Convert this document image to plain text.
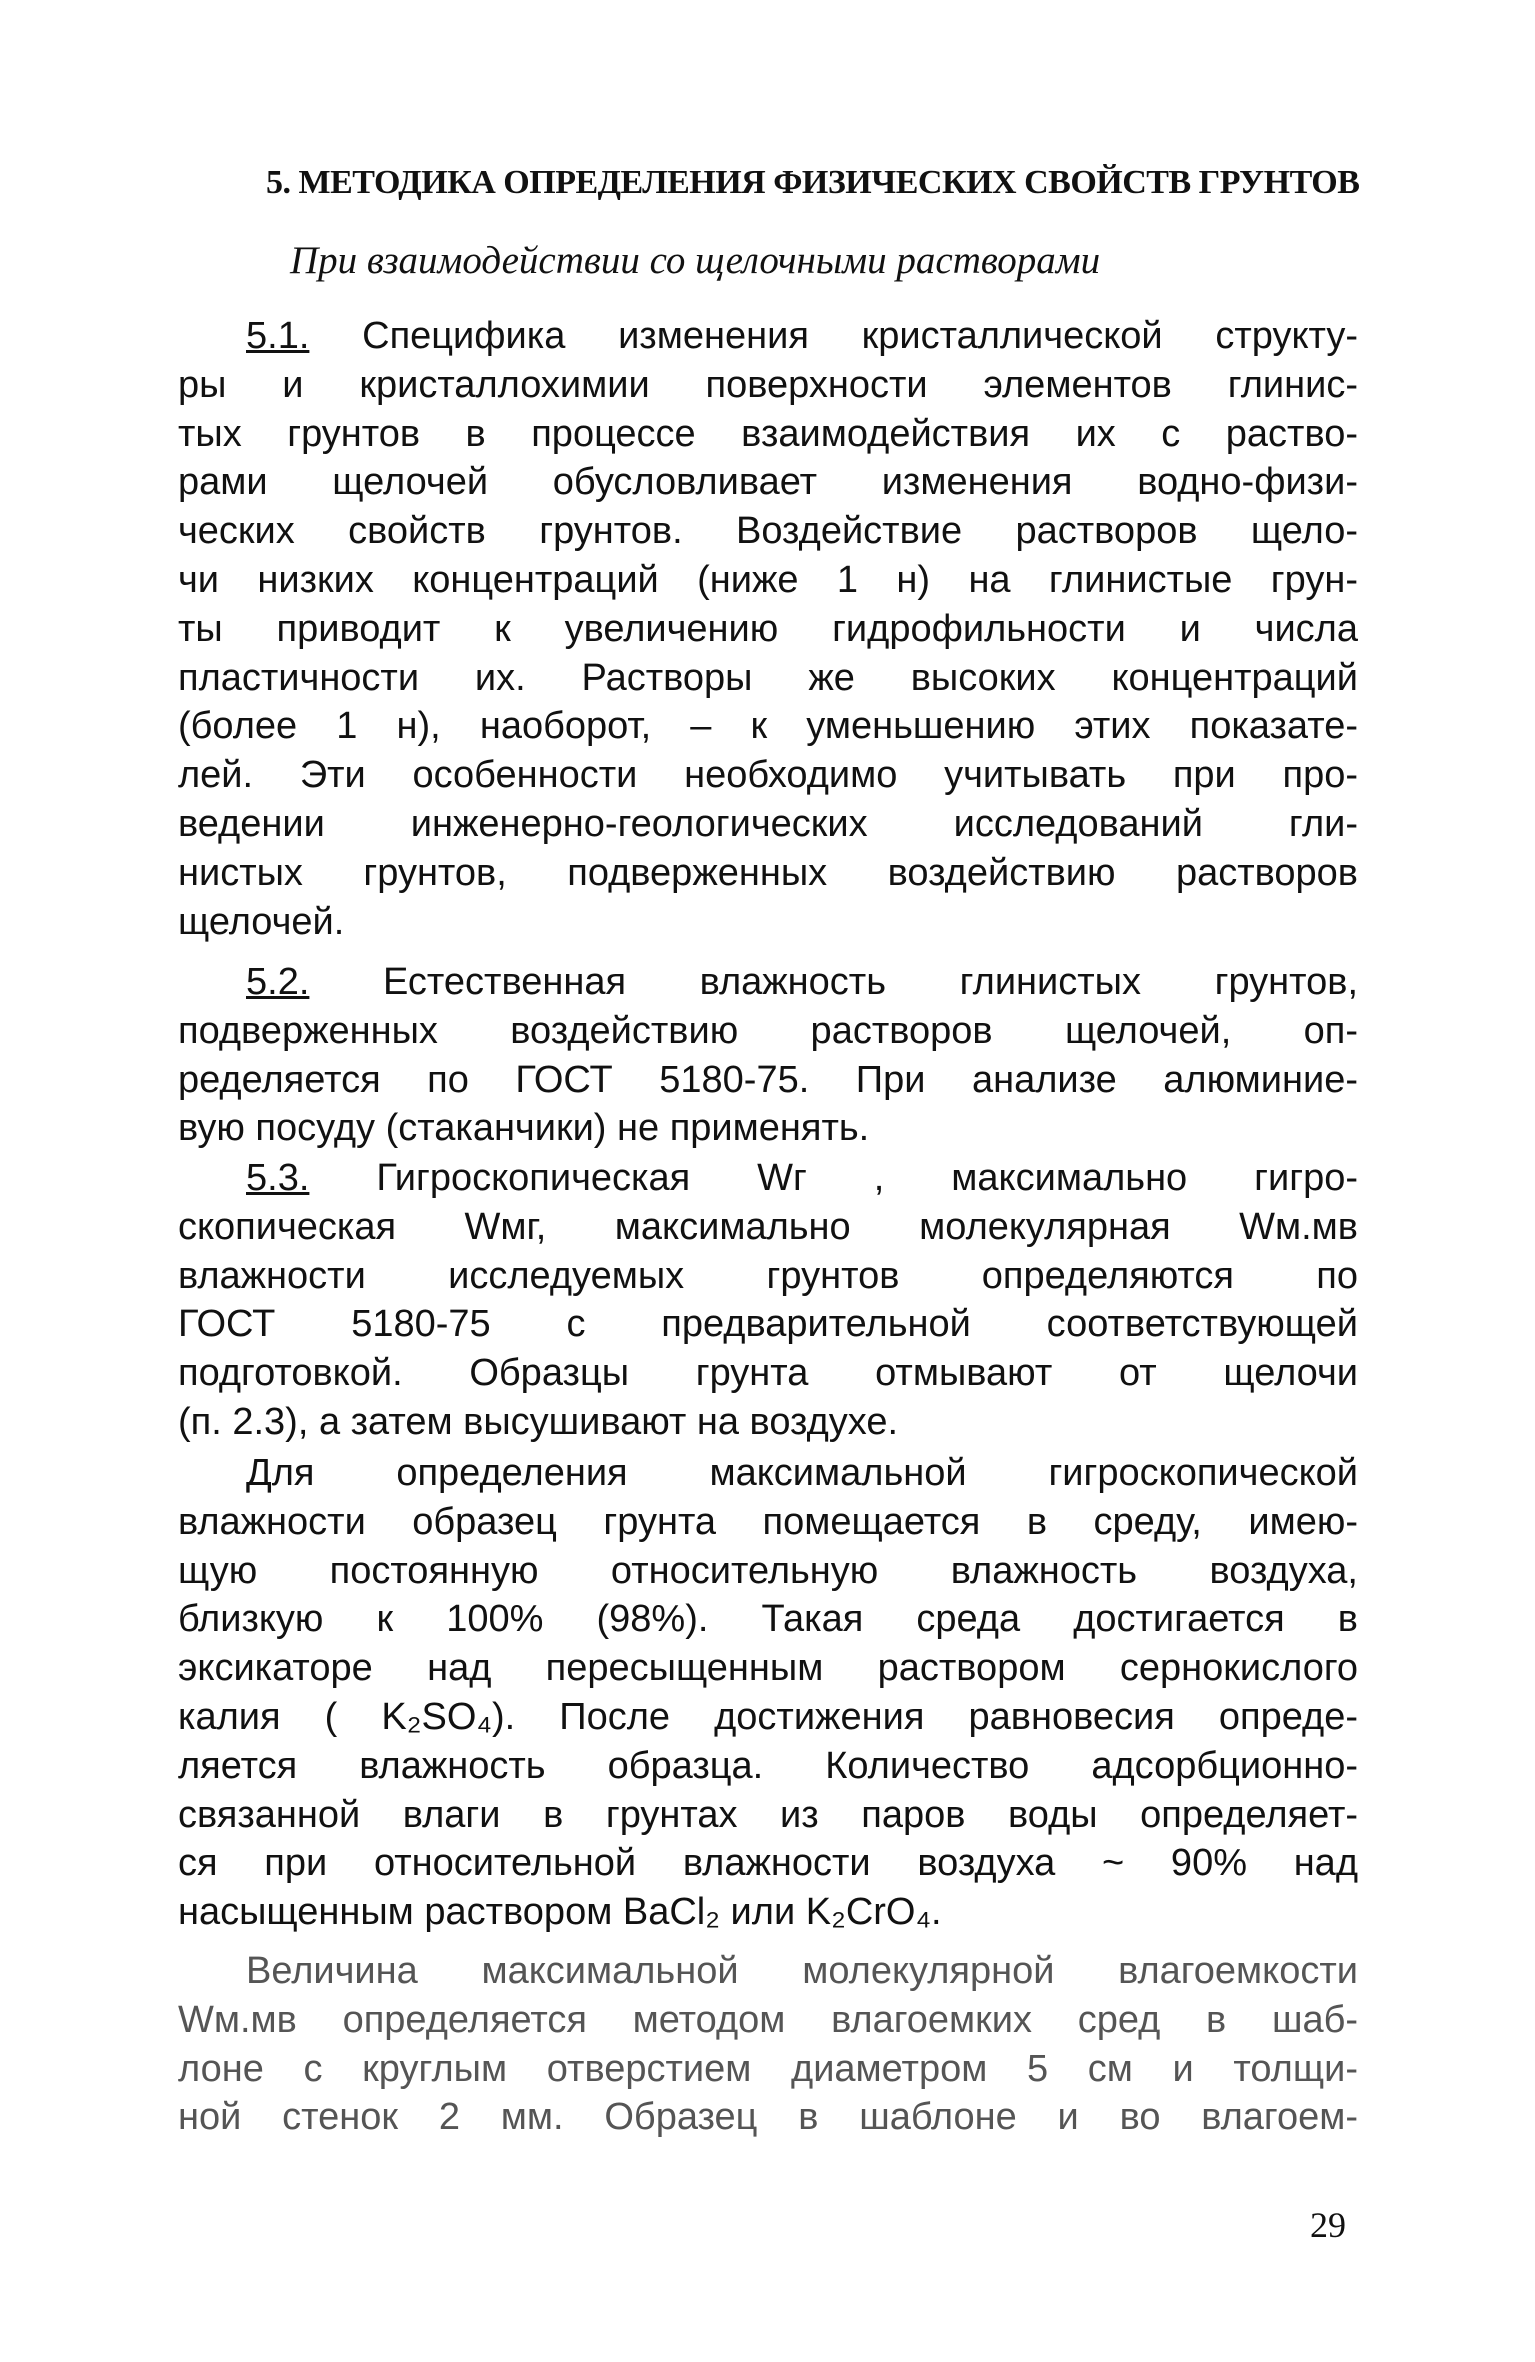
5. МЕТОДИКА ОПРЕДЕЛЕНИЯ ФИЗИЧЕСКИХ СВОЙСТВ ГРУНТОВ
При взаимодействии со щелочными растворами
5.1. Специфика изменения кристаллической структу-
ры и кристаллохимии поверхности элементов глинис-
тых грунтов в процессе взаимодействия их с раство-
рами щелочей обусловливает изменения водно-физи-
ческих свойств грунтов. Воздействие растворов щело-
чи низких концентраций (ниже 1 н) на глинистые грун-
ты приводит к увеличению гидрофильности и числа
пластичности их. Растворы же высоких концентраций
(более 1 н), наоборот, – к уменьшению этих показате-
лей. Эти особенности необходимо учитывать при про-
ведении инженерно-геологических исследований гли-
нистых грунтов, подверженных воздействию растворов
щелочей.
5.2. Естественная влажность глинистых грунтов,
подверженных воздействию растворов щелочей, оп-
ределяется по ГОСТ 5180-75. При анализе алюминие-
вую посуду (стаканчики) не применять.
5.3. Гигроскопическая Wг , максимально гигро-
скопическая Wмг, максимально молекулярная Wм.мв
влажности исследуемых грунтов определяются по
ГОСТ 5180-75 с предварительной соответствующей
подготовкой. Образцы грунта отмывают от щелочи
(п. 2.3), а затем высушивают на воздухе.
Для определения максимальной гигроскопической
влажности образец грунта помещается в среду, имею-
щую постоянную относительную влажность воздуха,
близкую к 100% (98%). Такая среда достигается в
эксикаторе над пересыщенным раствором сернокислого
калия ( K₂SO₄). После достижения равновесия опреде-
ляется влажность образца. Количество адсорбционно-
связанной влаги в грунтах из паров воды определяет-
ся при относительной влажности воздуха ~ 90% над
насыщенным раствором BaCl₂ или K₂CrO₄.
Величина максимальной молекулярной влагоемкости
Wм.мв определяется методом влагоемких сред в шаб-
лоне с круглым отверстием диаметром 5 см и толщи-
ной стенок 2 мм. Образец в шаблоне и во влагоем-
29
